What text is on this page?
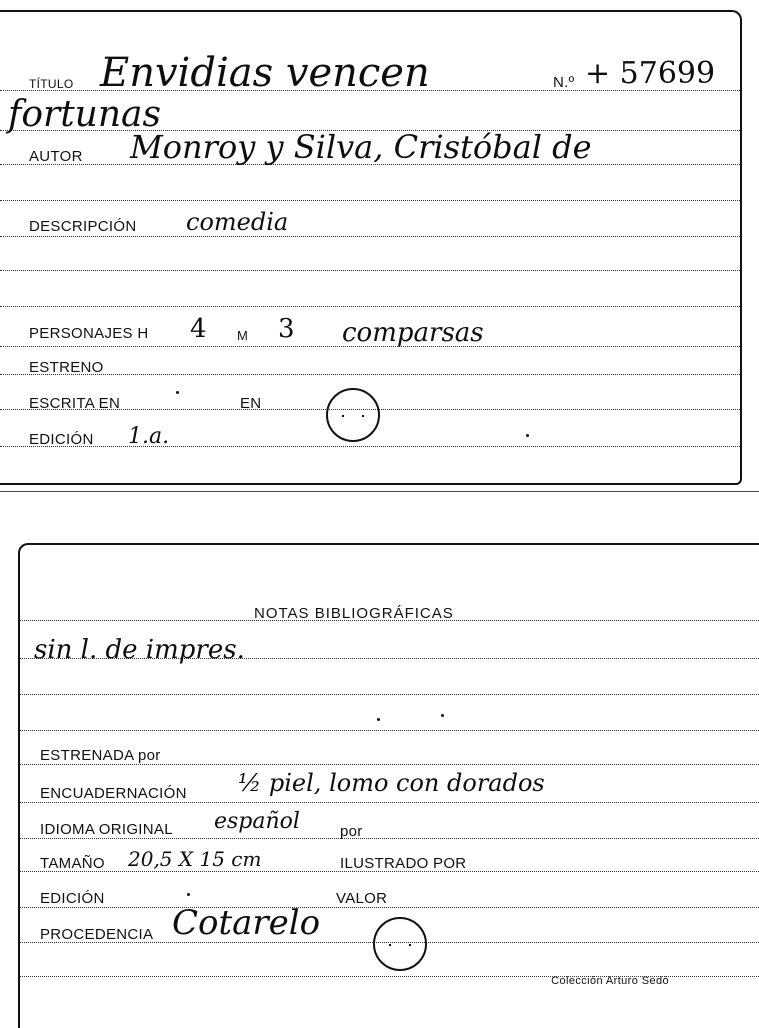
TÍTULO Envidias vencen	N.º + 57699
fortunas
AUTOR Monroy y Silva, Cristóbal de
DESCRIPCIÓN comedia
PERSONAJES H 4 M 3 comparsas
ESTRENO
ESCRITA EN	EN
EDICIÓN 1.a.
NOTAS BIBLIOGRÁFICAS
sin l. de impres.
ESTRENADA por
ENCUADERNACIÓN ½ piel, lomo con dorados
IDIOMA ORIGINAL español	por
TAMAÑO 20,5 X 15 cm	ILUSTRADO POR
EDICIÓN	VALOR
PROCEDENCIA Cotarelo
Colección Arturo Sedó
